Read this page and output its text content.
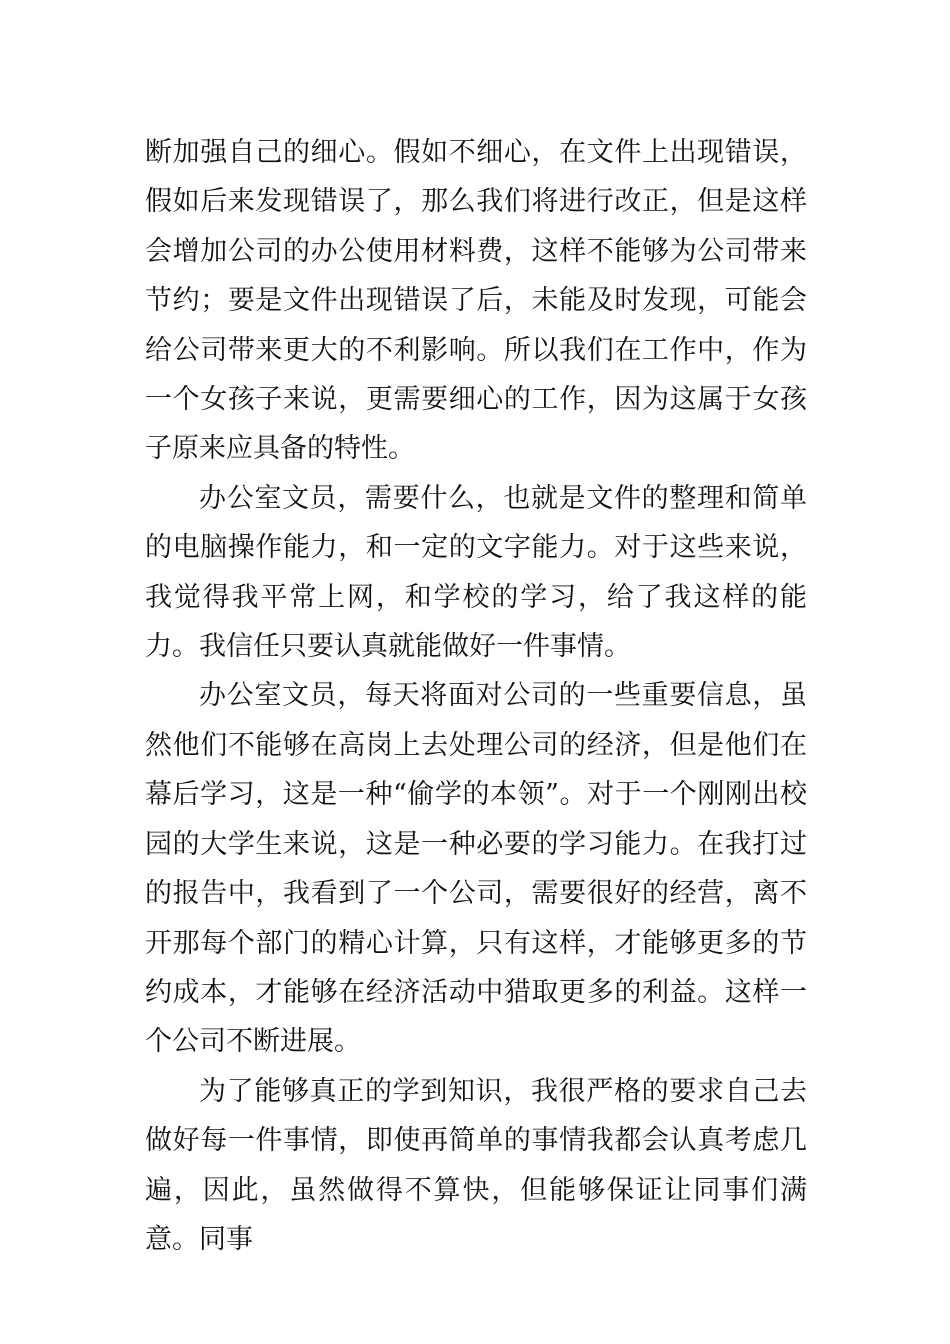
断加强自己的细心。假如不细心，在文件上出现错误，假如后来发现错误了，那么我们将进行改正，但是这样会增加公司的办公使用材料费，这样不能够为公司带来节约；要是文件出现错误了后，未能及时发现，可能会给公司带来更大的不利影响。所以我们在工作中，作为一个女孩子来说，更需要细心的工作，因为这属于女孩子原来应具备的特性。

办公室文员，需要什么，也就是文件的整理和简单的电脑操作能力，和一定的文字能力。对于这些来说，我觉得我平常上网，和学校的学习，给了我这样的能力。我信任只要认真就能做好一件事情。

办公室文员，每天将面对公司的一些重要信息，虽然他们不能够在高岗上去处理公司的经济，但是他们在幕后学习，这是一种“偷学的本领”。对于一个刚刚出校园的大学生来说，这是一种必要的学习能力。在我打过的报告中，我看到了一个公司，需要很好的经营，离不开那每个部门的精心计算，只有这样，才能够更多的节约成本，才能够在经济活动中猎取更多的利益。这样一个公司不断进展。

为了能够真正的学到知识，我很严格的要求自己去做好每一件事情，即使再简单的事情我都会认真考虑几遍，因此，虽然做得不算快，但能够保证让同事们满意。同事
